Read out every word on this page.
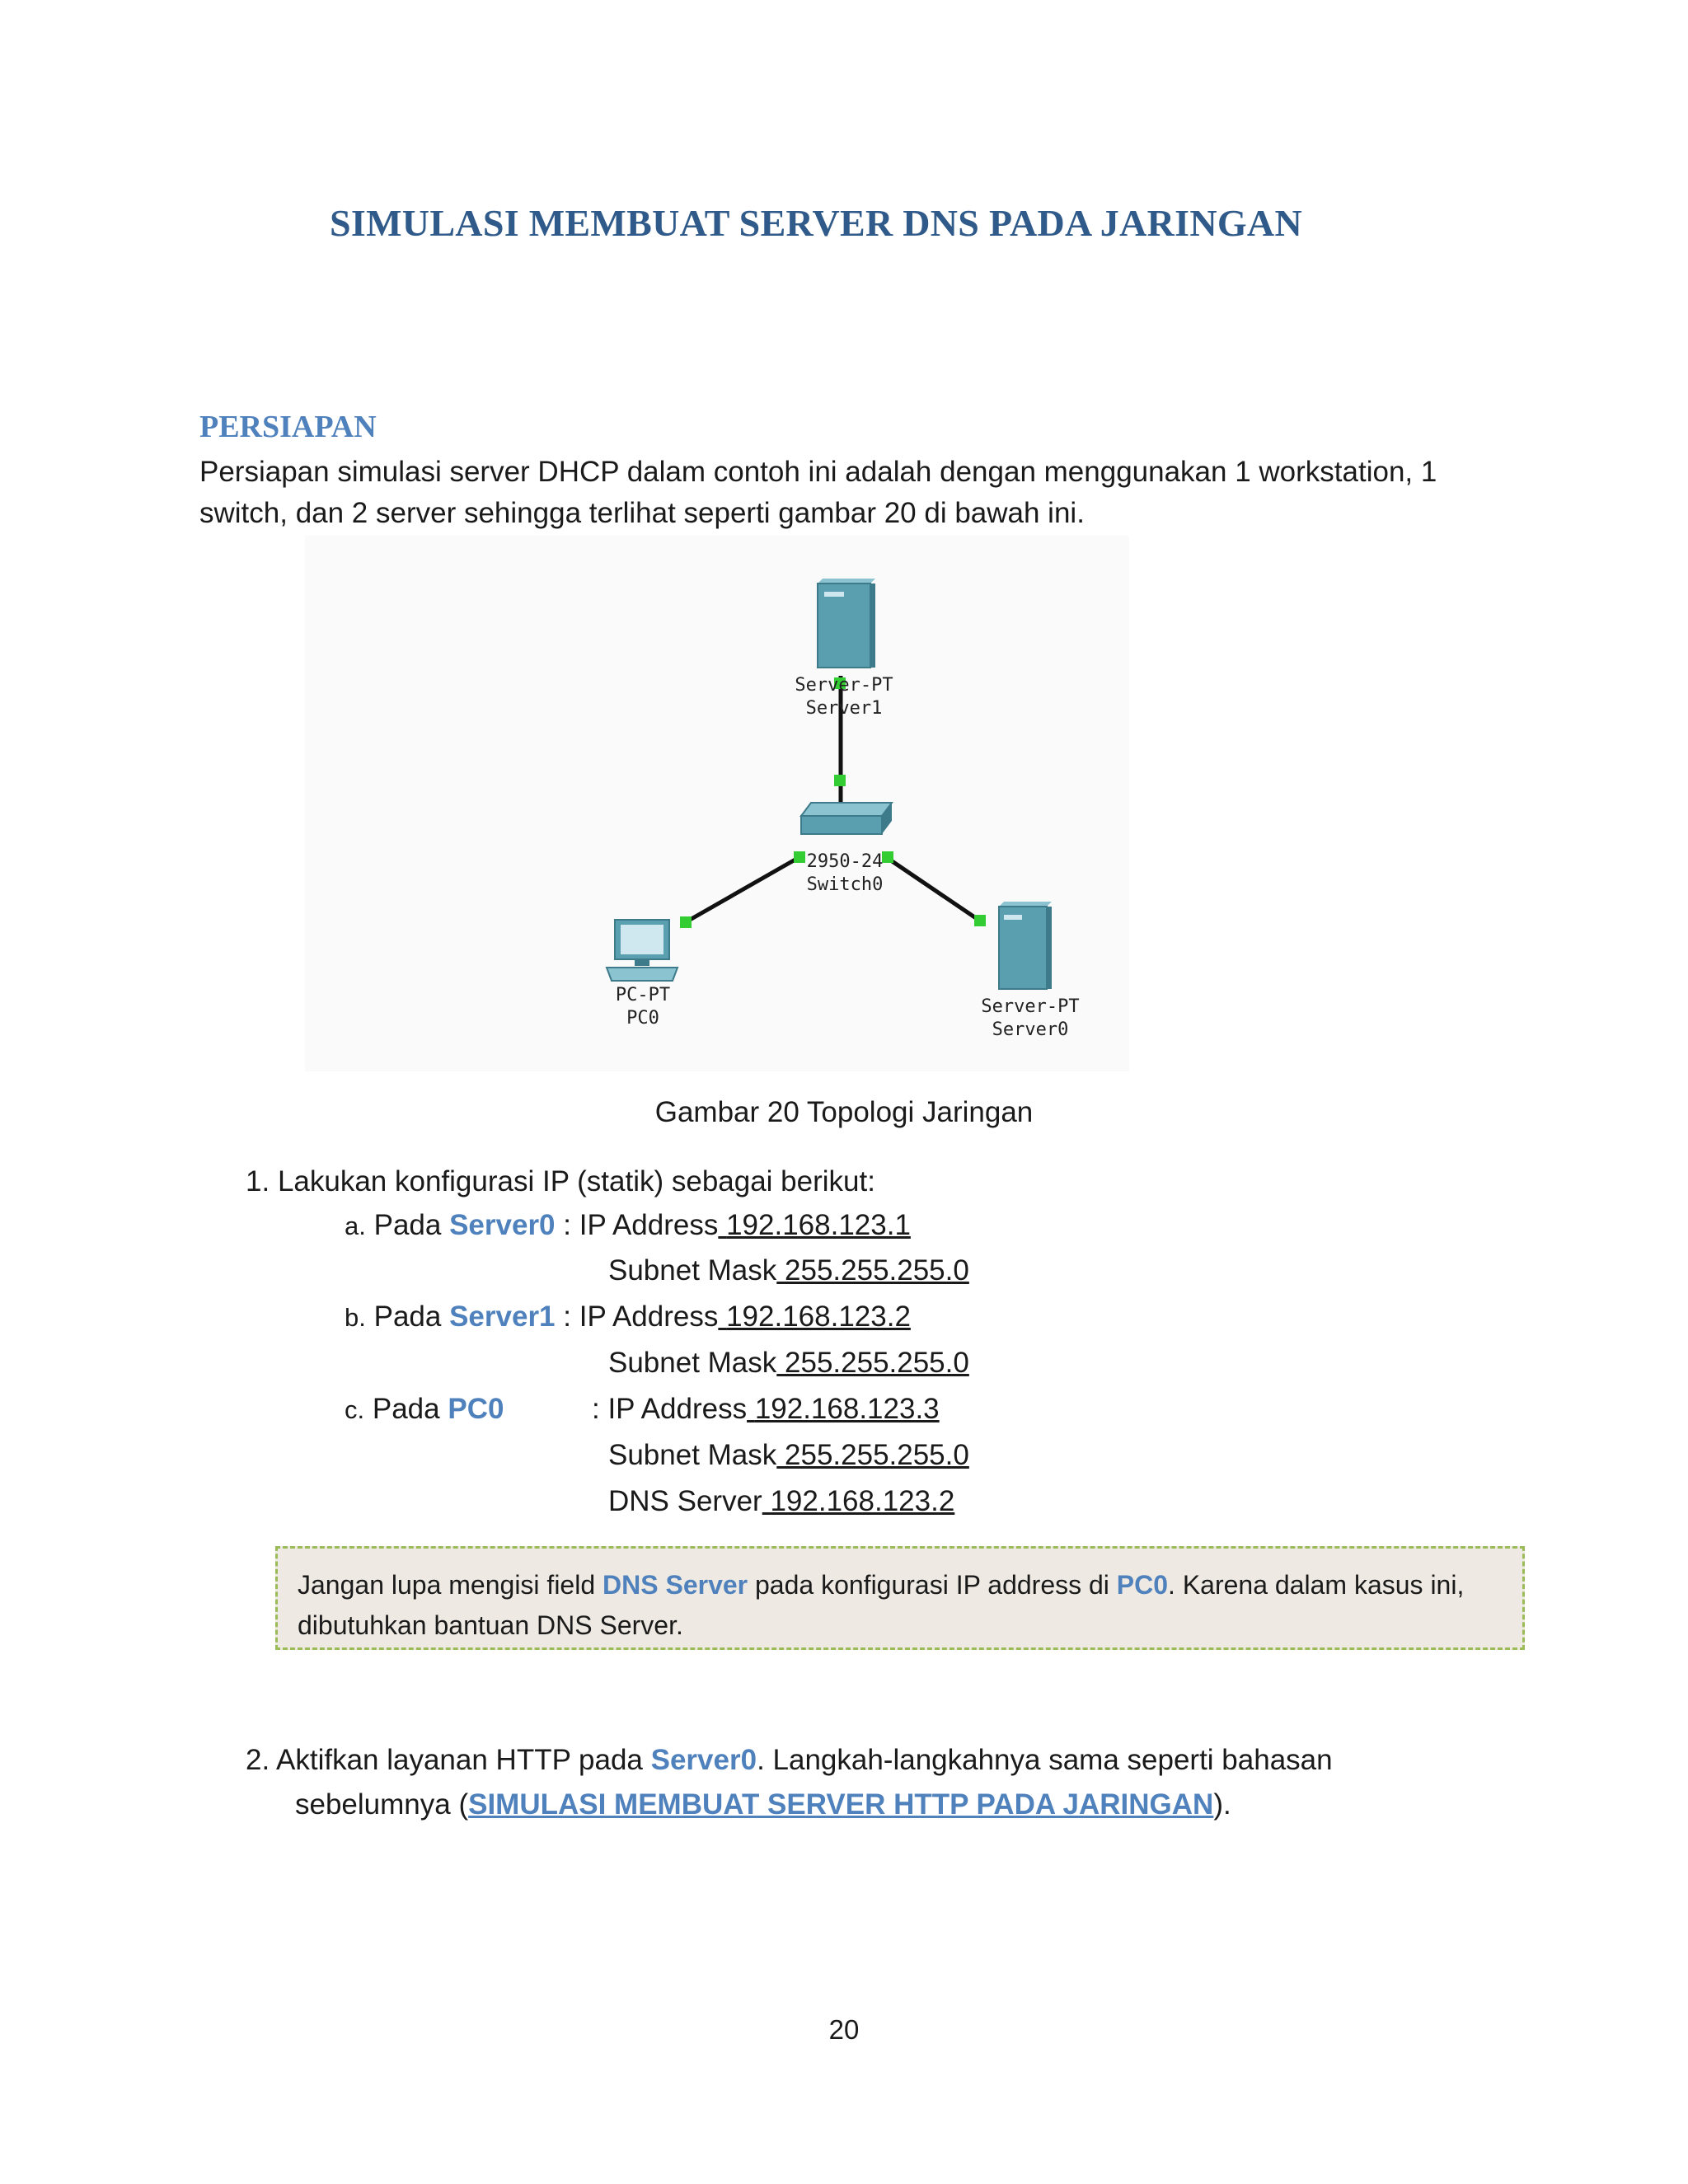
SIMULASI MEMBUAT SERVER DNS PADA JARINGAN
PERSIAPAN
Persiapan simulasi server DHCP dalam contoh ini adalah dengan menggunakan 1 workstation, 1 switch, dan 2 server sehingga terlihat seperti gambar 20 di bawah ini.
Server-PT
Server1
2950-24
Switch0
PC-PT
PC0
Server-PT
Server0
Gambar 20 Topologi Jaringan
1. Lakukan konfigurasi IP (statik) sebagai berikut:
a. Pada Server0 : IP Address 192.168.123.1
Subnet Mask 255.255.255.0
b. Pada Server1 : IP Address 192.168.123.2
Subnet Mask 255.255.255.0
c. Pada PC0	: IP Address 192.168.123.3
Subnet Mask 255.255.255.0
DNS Server 192.168.123.2
Jangan lupa mengisi field DNS Server pada konfigurasi IP address di PC0. Karena dalam kasus ini,
dibutuhkan bantuan DNS Server.
2. Aktifkan layanan HTTP pada Server0. Langkah-langkahnya sama seperti bahasan
sebelumnya (SIMULASI MEMBUAT SERVER HTTP PADA JARINGAN).
20
